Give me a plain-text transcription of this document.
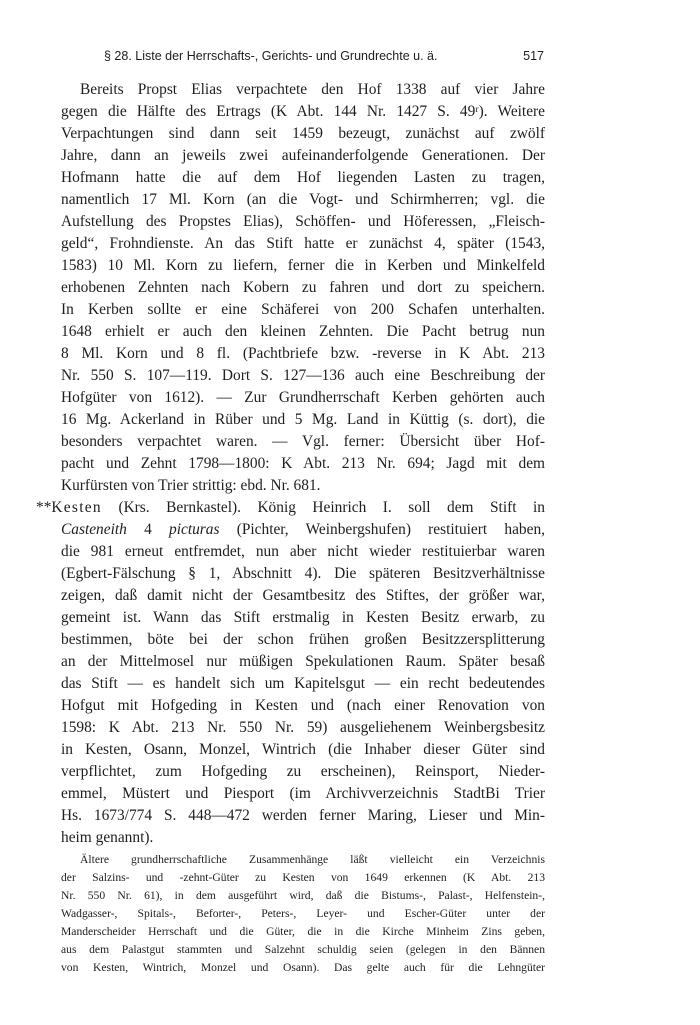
§ 28. Liste der Herrschafts-, Gerichts- und Grundrechte u. ä.	517
Bereits Propst Elias verpachtete den Hof 1338 auf vier Jahre
gegen die Hälfte des Ertrags (K Abt. 144 Nr. 1427 S. 49ʳ). Weitere
Verpachtungen sind dann seit 1459 bezeugt, zunächst auf zwölf
Jahre, dann an jeweils zwei aufeinanderfolgende Generationen. Der
Hofmann hatte die auf dem Hof liegenden Lasten zu tragen,
namentlich 17 Ml. Korn (an die Vogt- und Schirmherren; vgl. die
Aufstellung des Propstes Elias), Schöffen- und Höferessen, „Fleisch-
geld“, Frohndienste. An das Stift hatte er zunächst 4, später (1543,
1583) 10 Ml. Korn zu liefern, ferner die in Kerben und Minkelfeld
erhobenen Zehnten nach Kobern zu fahren und dort zu speichern.
In Kerben sollte er eine Schäferei von 200 Schafen unterhalten.
1648 erhielt er auch den kleinen Zehnten. Die Pacht betrug nun
8 Ml. Korn und 8 fl. (Pachtbriefe bzw. -reverse in K Abt. 213
Nr. 550 S. 107—119. Dort S. 127—136 auch eine Beschreibung der
Hofgüter von 1612). — Zur Grundherrschaft Kerben gehörten auch
16 Mg. Ackerland in Rüber und 5 Mg. Land in Küttig (s. dort), die
besonders verpachtet waren. — Vgl. ferner: Übersicht über Hof-
pacht und Zehnt 1798—1800: K Abt. 213 Nr. 694; Jagd mit dem
Kurfürsten von Trier strittig: ebd. Nr. 681.
**Kesten (Krs. Bernkastel). König Heinrich I. soll dem Stift in
Casteneith 4 picturas (Pichter, Weinbergshufen) restituiert haben,
die 981 erneut entfremdet, nun aber nicht wieder restituierbar waren
(Egbert-Fälschung § 1, Abschnitt 4). Die späteren Besitzverhältnisse
zeigen, daß damit nicht der Gesamtbesitz des Stiftes, der größer war,
gemeint ist. Wann das Stift erstmalig in Kesten Besitz erwarb, zu
bestimmen, böte bei der schon frühen großen Besitzzersplitterung
an der Mittelmosel nur müßigen Spekulationen Raum. Später besaß
das Stift — es handelt sich um Kapitelsgut — ein recht bedeutendes
Hofgut mit Hofgeding in Kesten und (nach einer Renovation von
1598: K Abt. 213 Nr. 550 Nr. 59) ausgeliehenem Weinbergsbesitz
in Kesten, Osann, Monzel, Wintrich (die Inhaber dieser Güter sind
verpflichtet, zum Hofgeding zu erscheinen), Reinsport, Nieder-
emmel, Müstert und Piesport (im Archivverzeichnis StadtBi Trier
Hs. 1673/774 S. 448—472 werden ferner Maring, Lieser und Min-
heim genannt).
Ältere grundherrschaftliche Zusammenhänge läßt vielleicht ein Verzeichnis
der Salzins- und -zehnt-Güter zu Kesten von 1649 erkennen (K Abt. 213
Nr. 550 Nr. 61), in dem ausgeführt wird, daß die Bistums-, Palast-, Helfenstein-,
Wadgasser-, Spitals-, Beforter-, Peters-, Leyer- und Escher-Güter unter der
Manderscheider Herrschaft und die Güter, die in die Kirche Minheim Zins geben,
aus dem Palastgut stammten und Salzehnt schuldig seien (gelegen in den Bännen
von Kesten, Wintrich, Monzel und Osann). Das gelte auch für die Lehngüter
